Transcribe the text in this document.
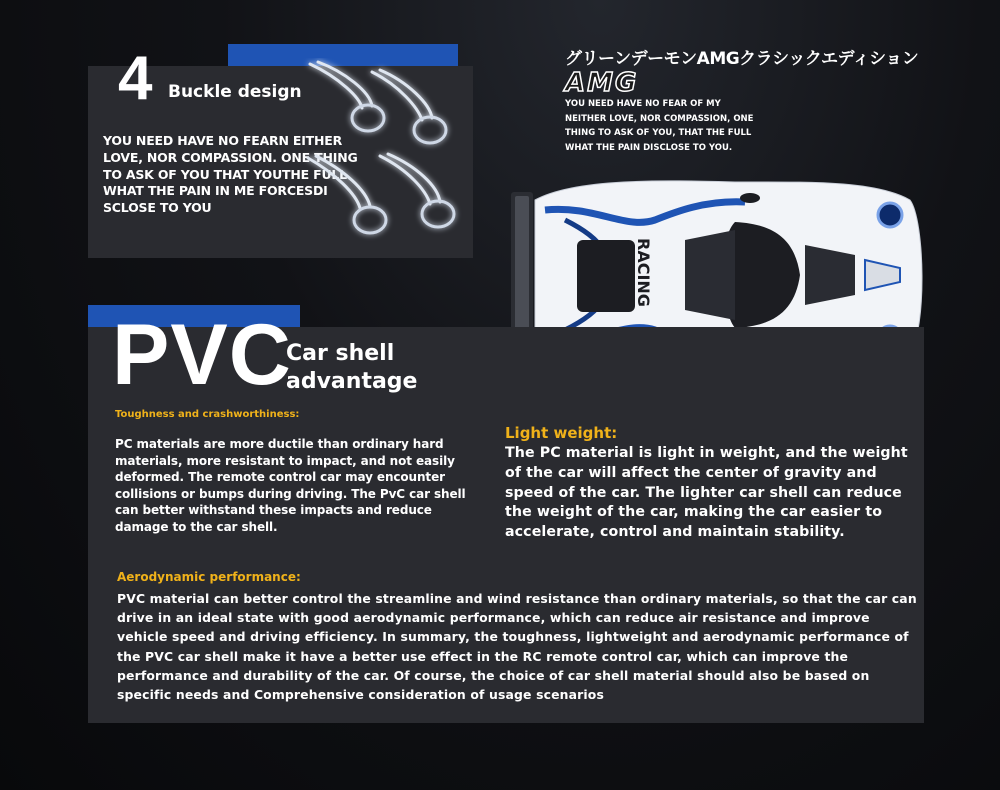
4 Buckle design
YOU NEED HAVE NO FEARN EITHER LOVE, NOR COMPASSION. ONE THING TO ASK OF YOU THAT YOUTHE FULL WHAT THE PAIN IN ME FORCESDI SCLOSE TO YOU
グリーンデーモンAMGクラシックエディション
AMG
YOU NEED HAVE NO FEAR OF MY NEITHER LOVE, NOR COMPASSION, ONE THING TO ASK OF YOU, THAT THE FULL WHAT THE PAIN DISCLOSE TO YOU.
RACING
PVC
Car shell
advantage
Toughness and crashworthiness:
PC materials are more ductile than ordinary hard materials, more resistant to impact, and not easily deformed. The remote control car may encounter collisions or bumps during driving. The PvC car shell can better withstand these impacts and reduce damage to the car shell.
Light weight:
The PC material is light in weight, and the weight of the car will affect the center of gravity and speed of the car. The lighter car shell can reduce the weight of the car, making the car easier to accelerate, control and maintain stability.
Aerodynamic performance:
PVC material can better control the streamline and wind resistance than ordinary materials, so that the car can drive in an ideal state with good aerodynamic performance, which can reduce air resistance and improve vehicle speed and driving efficiency. In summary, the toughness, lightweight and aerodynamic performance of the PVC car shell make it have a better use effect in the RC remote control car, which can improve the performance and durability of the car. Of course, the choice of car shell material should also be based on specific needs and Comprehensive consideration of usage scenarios
